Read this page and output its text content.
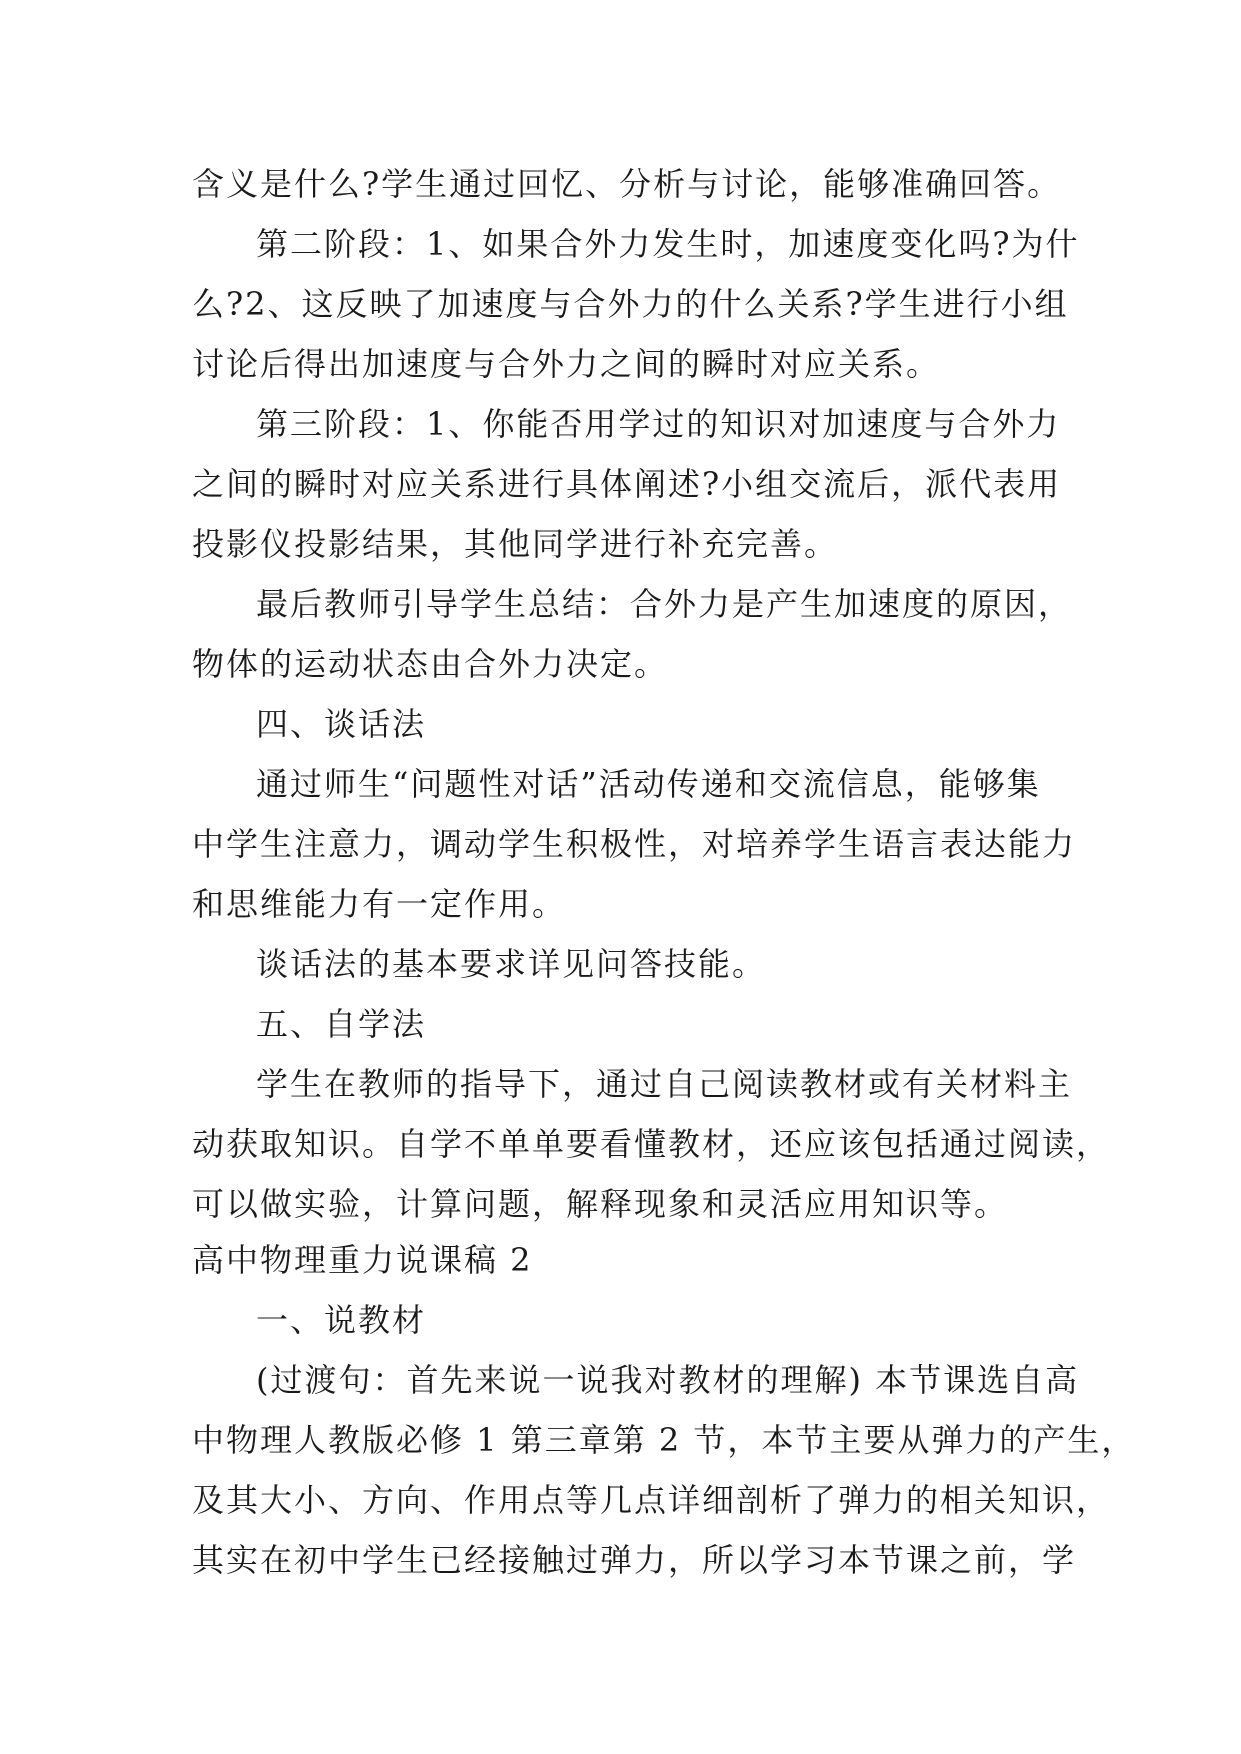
含义是什么?学生通过回忆、分析与讨论，能够准确回答。
第二阶段：1、如果合外力发生时，加速度变化吗?为什
么?2、这反映了加速度与合外力的什么关系?学生进行小组
讨论后得出加速度与合外力之间的瞬时对应关系。
第三阶段：1、你能否用学过的知识对加速度与合外力
之间的瞬时对应关系进行具体阐述?小组交流后，派代表用
投影仪投影结果，其他同学进行补充完善。
最后教师引导学生总结：合外力是产生加速度的原因，
物体的运动状态由合外力决定。
四、谈话法
通过师生“问题性对话”活动传递和交流信息，能够集
中学生注意力，调动学生积极性，对培养学生语言表达能力
和思维能力有一定作用。
谈话法的基本要求详见问答技能。
五、自学法
学生在教师的指导下，通过自己阅读教材或有关材料主
动获取知识。自学不单单要看懂教材，还应该包括通过阅读，
可以做实验，计算问题，解释现象和灵活应用知识等。
高中物理重力说课稿 2
一、说教材
(过渡句：首先来说一说我对教材的理解) 本节课选自高
中物理人教版必修 1 第三章第 2 节，本节主要从弹力的产生，
及其大小、方向、作用点等几点详细剖析了弹力的相关知识，
其实在初中学生已经接触过弹力，所以学习本节课之前，学
